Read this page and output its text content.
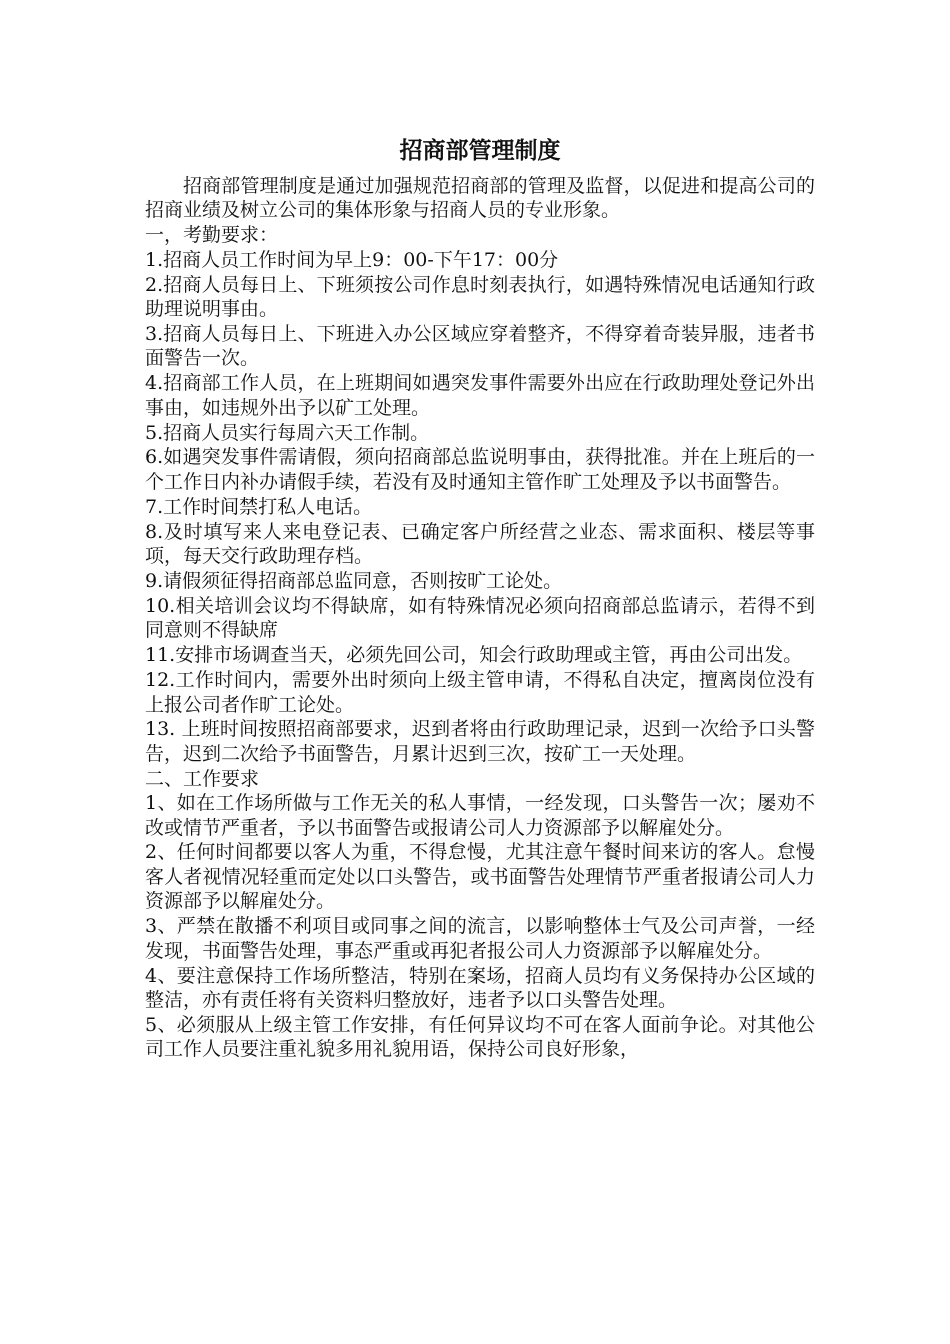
招商部管理制度
招商部管理制度是通过加强规范招商部的管理及监督，以促进和提高公司的招商业绩及树立公司的集体形象与招商人员的专业形象。
一，考勤要求：
1.招商人员工作时间为早上9：00-下午17：00分
2.招商人员每日上、下班须按公司作息时刻表执行，如遇特殊情况电话通知行政助理说明事由。
3.招商人员每日上、下班进入办公区域应穿着整齐，不得穿着奇装异服，违者书面警告一次。
4.招商部工作人员，在上班期间如遇突发事件需要外出应在行政助理处登记外出事由，如违规外出予以矿工处理。
5.招商人员实行每周六天工作制。
6.如遇突发事件需请假，须向招商部总监说明事由，获得批准。并在上班后的一个工作日内补办请假手续，若没有及时通知主管作旷工处理及予以书面警告。
7.工作时间禁打私人电话。
8.及时填写来人来电登记表、已确定客户所经营之业态、需求面积、楼层等事项，每天交行政助理存档。
9.请假须征得招商部总监同意，否则按旷工论处。
10.相关培训会议均不得缺席，如有特殊情况必须向招商部总监请示，若得不到同意则不得缺席
11.安排市场调查当天，必须先回公司，知会行政助理或主管，再由公司出发。
12.工作时间内，需要外出时须向上级主管申请，不得私自决定，擅离岗位没有上报公司者作旷工论处。
13. 上班时间按照招商部要求，迟到者将由行政助理记录，迟到一次给予口头警告，迟到二次给予书面警告，月累计迟到三次，按矿工一天处理。
二、工作要求
1、如在工作场所做与工作无关的私人事情，一经发现，口头警告一次；屡劝不改或情节严重者，予以书面警告或报请公司人力资源部予以解雇处分。
2、任何时间都要以客人为重，不得怠慢，尤其注意午餐时间来访的客人。怠慢客人者视情况轻重而定处以口头警告，或书面警告处理情节严重者报请公司人力资源部予以解雇处分。
3、严禁在散播不利项目或同事之间的流言，以影响整体士气及公司声誉，一经发现，书面警告处理，事态严重或再犯者报公司人力资源部予以解雇处分。
4、要注意保持工作场所整洁，特别在案场，招商人员均有义务保持办公区域的整洁，亦有责任将有关资料归整放好，违者予以口头警告处理。
5、必须服从上级主管工作安排，有任何异议均不可在客人面前争论。对其他公司工作人员要注重礼貌多用礼貌用语，保持公司良好形象，
